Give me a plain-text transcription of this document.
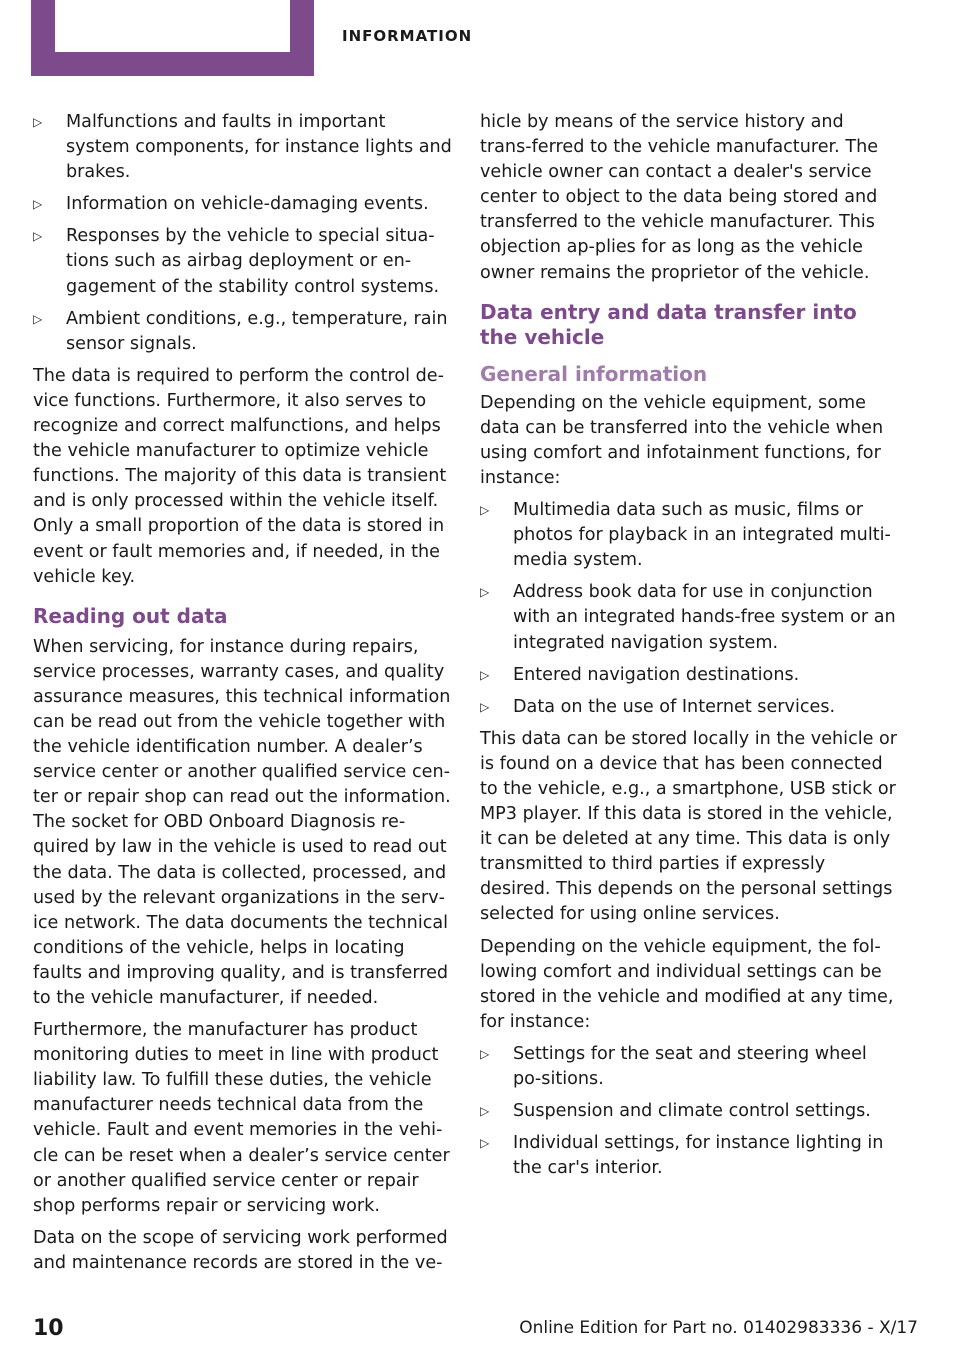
INFORMATION
▷ Malfunctions and faults in important system components, for instance lights and brakes.
▷ Information on vehicle-damaging events.
▷ Responses by the vehicle to special situa‐tions such as airbag deployment or en‐gagement of the stability control systems.
▷ Ambient conditions, e.g., temperature, rain sensor signals.

The data is required to perform the control de‐vice functions. Furthermore, it also serves to recognize and correct malfunctions, and helps the vehicle manufacturer to optimize vehicle functions. The majority of this data is transient and is only processed within the vehicle itself. Only a small proportion of the data is stored in event or fault memories and, if needed, in the vehicle key.

Reading out data

When servicing, for instance during repairs, service processes, warranty cases, and quality assurance measures, this technical information can be read out from the vehicle together with the vehicle identification number. A dealer’s service center or another qualified service cen‐ter or repair shop can read out the information. The socket for OBD Onboard Diagnosis re‐quired by law in the vehicle is used to read out the data. The data is collected, processed, and used by the relevant organizations in the serv‐ice network. The data documents the technical conditions of the vehicle, helps in locating faults and improving quality, and is transferred to the vehicle manufacturer, if needed.

Furthermore, the manufacturer has product monitoring duties to meet in line with product liability law. To fulfill these duties, the vehicle manufacturer needs technical data from the vehicle. Fault and event memories in the vehi‐cle can be reset when a dealer’s service center or another qualified service center or repair shop performs repair or servicing work.

Data on the scope of servicing work performed and maintenance records are stored in the ve‐

hicle by means of the service history and trans‐ferred to the vehicle manufacturer. The vehicle owner can contact a dealer's service center to object to the data being stored and transferred to the vehicle manufacturer. This objection ap‐plies for as long as the vehicle owner remains the proprietor of the vehicle.

Data entry and data transfer into the vehicle
General information

Depending on the vehicle equipment, some data can be transferred into the vehicle when using comfort and infotainment functions, for instance:

▷ Multimedia data such as music, films or photos for playback in an integrated multi‐media system.
▷ Address book data for use in conjunction with an integrated hands-free system or an integrated navigation system.
▷ Entered navigation destinations.
▷ Data on the use of Internet services.

This data can be stored locally in the vehicle or is found on a device that has been connected to the vehicle, e.g., a smartphone, USB stick or MP3 player. If this data is stored in the vehicle, it can be deleted at any time. This data is only transmitted to third parties if expressly desired. This depends on the personal settings selected for using online services.

Depending on the vehicle equipment, the fol‐lowing comfort and individual settings can be stored in the vehicle and modified at any time, for instance:

▷ Settings for the seat and steering wheel po‐sitions.
▷ Suspension and climate control settings.
▷ Individual settings, for instance lighting in the car's interior.
10	Online Edition for Part no. 01402983336 - X/17
